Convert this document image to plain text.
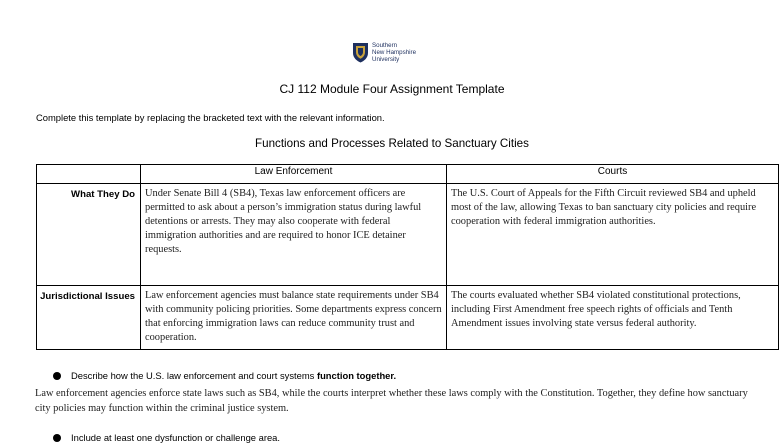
Southern
New Hampshire
University
CJ 112 Module Four Assignment Template
Complete this template by replacing the bracketed text with the relevant information.
Functions and Processes Related to Sanctuary Cities
	Law Enforcement	Courts
What They Do	Under Senate Bill 4 (SB4), Texas law enforcement officers are permitted to ask about a person’s immigration status during lawful detentions or arrests. They may also cooperate with federal immigration authorities and are required to honor ICE detainer requests.	The U.S. Court of Appeals for the Fifth Circuit reviewed SB4 and upheld most of the law, allowing Texas to ban sanctuary city policies and require cooperation with federal immigration authorities.
Jurisdictional Issues	Law enforcement agencies must balance state requirements under SB4 with community policing priorities. Some departments express concern that enforcing immigration laws can reduce community trust and cooperation.	The courts evaluated whether SB4 violated constitutional protections, including First Amendment free speech rights of officials and Tenth Amendment issues involving state versus federal authority.
Describe how the U.S. law enforcement and court systems function together.
Law enforcement agencies enforce state laws such as SB4, while the courts interpret whether these laws comply with the Constitution. Together, they define how sanctuary city policies may function within the criminal justice system.
Include at least one dysfunction or challenge area.
